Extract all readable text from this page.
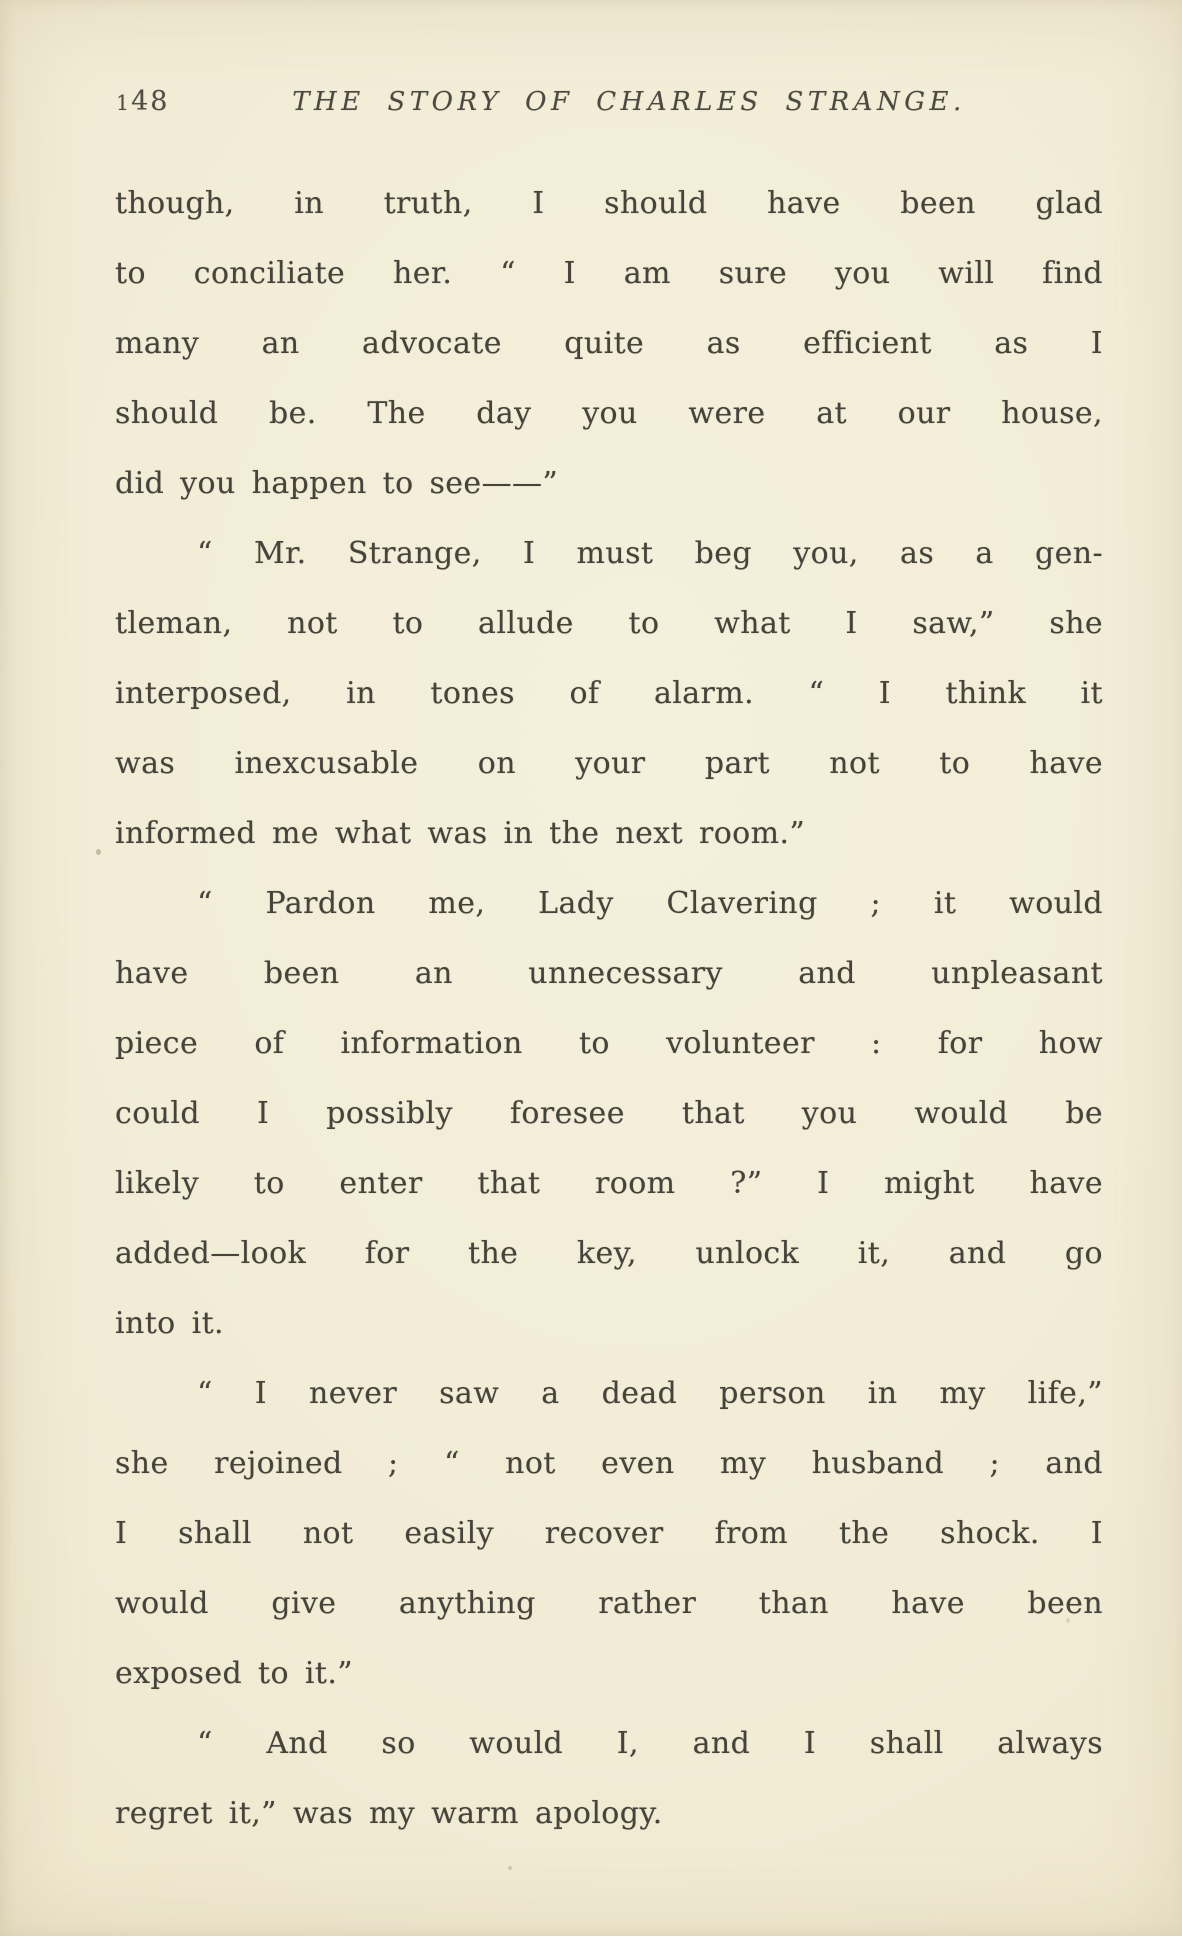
148	THE STORY OF CHARLES STRANGE.
though, in truth, I should have been glad
to conciliate her. “ I am sure you will find
many an advocate quite as efficient as I
should be. The day you were at our house,
did you happen to see——”
“ Mr. Strange, I must beg you, as a gen-
tleman, not to allude to what I saw,” she
interposed, in tones of alarm. “ I think it
was inexcusable on your part not to have
informed me what was in the next room.”
“ Pardon me, Lady Clavering ; it would
have been an unnecessary and unpleasant
piece of information to volunteer : for how
could I possibly foresee that you would be
likely to enter that room ?” I might have
added—look for the key, unlock it, and go
into it.
“ I never saw a dead person in my life,”
she rejoined ; “ not even my husband ; and
I shall not easily recover from the shock. I
would give anything rather than have been
exposed to it.”
“ And so would I, and I shall always
regret it,” was my warm apology.
